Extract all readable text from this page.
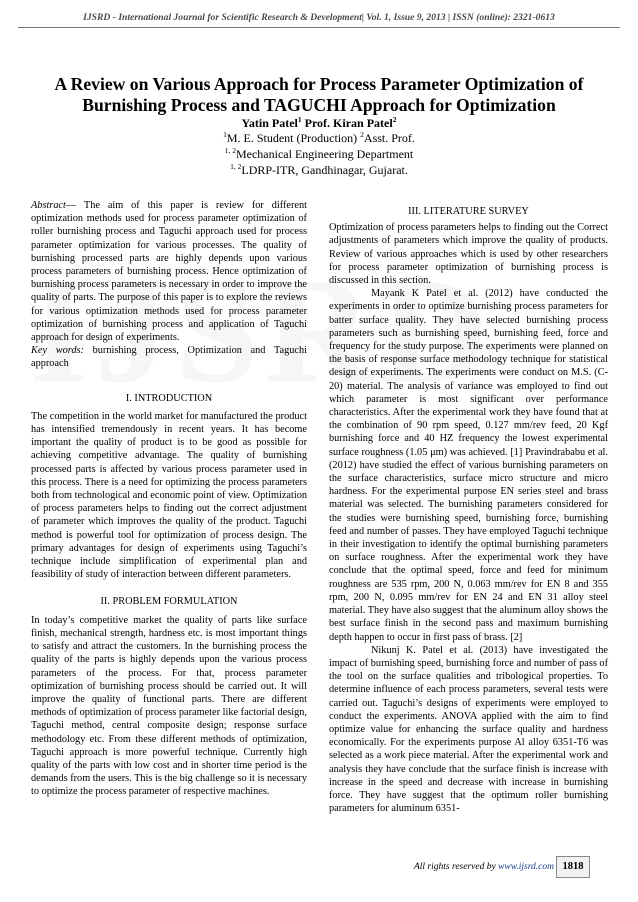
IJSRD - International Journal for Scientific Research & Development| Vol. 1, Issue 9, 2013 | ISSN (online): 2321-0613
A Review on Various Approach for Process Parameter Optimization of Burnishing Process and TAGUCHI Approach for Optimization
Yatin Patel$^1$ Prof. Kiran Patel$^2$
$^1$M. E. Student (Production) $^2$Asst. Prof.
$^{1, 2}$Mechanical Engineering Department
$^{1, 2}$LDRP-ITR, Gandhinagar, Gujarat.

Abstract— The aim of this paper is review for different optimization methods used for process parameter optimization of roller burnishing process and Taguchi approach used for process parameter optimization for various processes. The quality of burnishing processed parts are highly depends upon various process parameters of burnishing process. Hence optimization of burnishing process parameters is necessary in order to improve the quality of parts. The purpose of this paper is to explore the reviews for various optimization methods used for process parameter optimization of burnishing process and application of Taguchi approach for design of experiments.

Key words: burnishing process, Optimization and Taguchi approach

I. INTRODUCTION

The competition in the world market for manufactured the product has intensified tremendously in recent years. It has become important the quality of product is to be good as possible for achieving competitive advantage. The quality of burnishing processed parts is affected by various process parameter used in this process. There is a need for optimizing the process parameters both from technological and economic point of view. Optimization of process parameters helps to finding out the correct adjustment of parameter which improves the quality of the product. Taguchi method is powerful tool for optimization of process design. The primary advantages for design of experiments using Taguchi’s technique include simplification of experimental plan and feasibility of study of interaction between different parameters.

II. PROBLEM FORMULATION

In today’s competitive market the quality of parts like surface finish, mechanical strength, hardness etc. is most important things to satisfy and attract the customers. In the burnishing process the quality of the parts is highly depends upon the various process parameters of the process. For that, process parameter optimization of burnishing process should be carried out. It will improve the quality of functional parts. There are different methods of optimization of process parameter like factorial design, Taguchi method, central composite design; response surface methodology etc. From these different methods of optimization, Taguchi approach is more powerful technique. Currently high quality of the parts with low cost and in shorter time period is the demands from the users. This is the big challenge so it is necessary to optimize the process parameter of respective machines.

III. LITERATURE SURVEY

Optimization of process parameters helps to finding out the Correct adjustments of parameters which improve the quality of products. Review of various approaches which is used by other researchers for process parameter optimization of burnishing process is discussed in this section.

Mayank K Patel et al. (2012) have conducted the experiments in order to optimize burnishing process parameters for batter surface quality. They have selected burnishing process parameters such as burnishing speed, burnishing feed, force and frequency for the study purpose. The experiments were planned on the basis of response surface methodology technique for statistical design of experiments. The experiments were conduct on M.S. (C-20) material. The analysis of variance was employed to find out which parameter is most significant over performance characteristics. After the experimental work they have found that at the combination of 90 rpm speed, 0.127 mm/rev feed, 20 Kgf burnishing force and 40 HZ frequency the lowest experimental surface roughness (1.05 μm) was achieved. [1] Pravindrababu et al. (2012) have studied the effect of various burnishing parameters on the surface characteristics, surface micro structure and micro hardness. For the experimental purpose EN series steel and brass material was selected. The burnishing parameters considered for the studies were burnishing speed, burnishing force, burnishing feed and number of passes. They have employed Taguchi technique in their investigation to identify the optimal burnishing parameters on surface roughness. After the experimental work they have conclude that the optimal speed, force and feed for minimum roughness are 535 rpm, 200 N, 0.063 mm/rev for EN 8 and 355 rpm, 200 N, 0.095 mm/rev for EN 24 and EN 31 alloy steel material. They have also suggest that the aluminum alloy shows the best surface finish in the second pass and maximum burnishing depth happen to occur in first pass of brass. [2]

Nikunj K. Patel et al. (2013) have investigated the impact of burnishing speed, burnishing force and number of pass of the tool on the surface qualities and tribological properties. To determine influence of each process parameters, several tests were carried out. Taguchi’s designs of experiments were employed to conduct the experiments. ANOVA applied with the aim to find optimize value for enhancing the surface quality and hardness economically. For the experiments purpose Al alloy 6351-T6 was selected as a work piece material. After the experimental work and analysis they have conclude that the surface finish is increase with increase in the speed and decrease with increase in burnishing force. They have suggest that the optimum roller burnishing parameters for aluminum 6351-

All rights reserved by www.ijsrd.com 1818
